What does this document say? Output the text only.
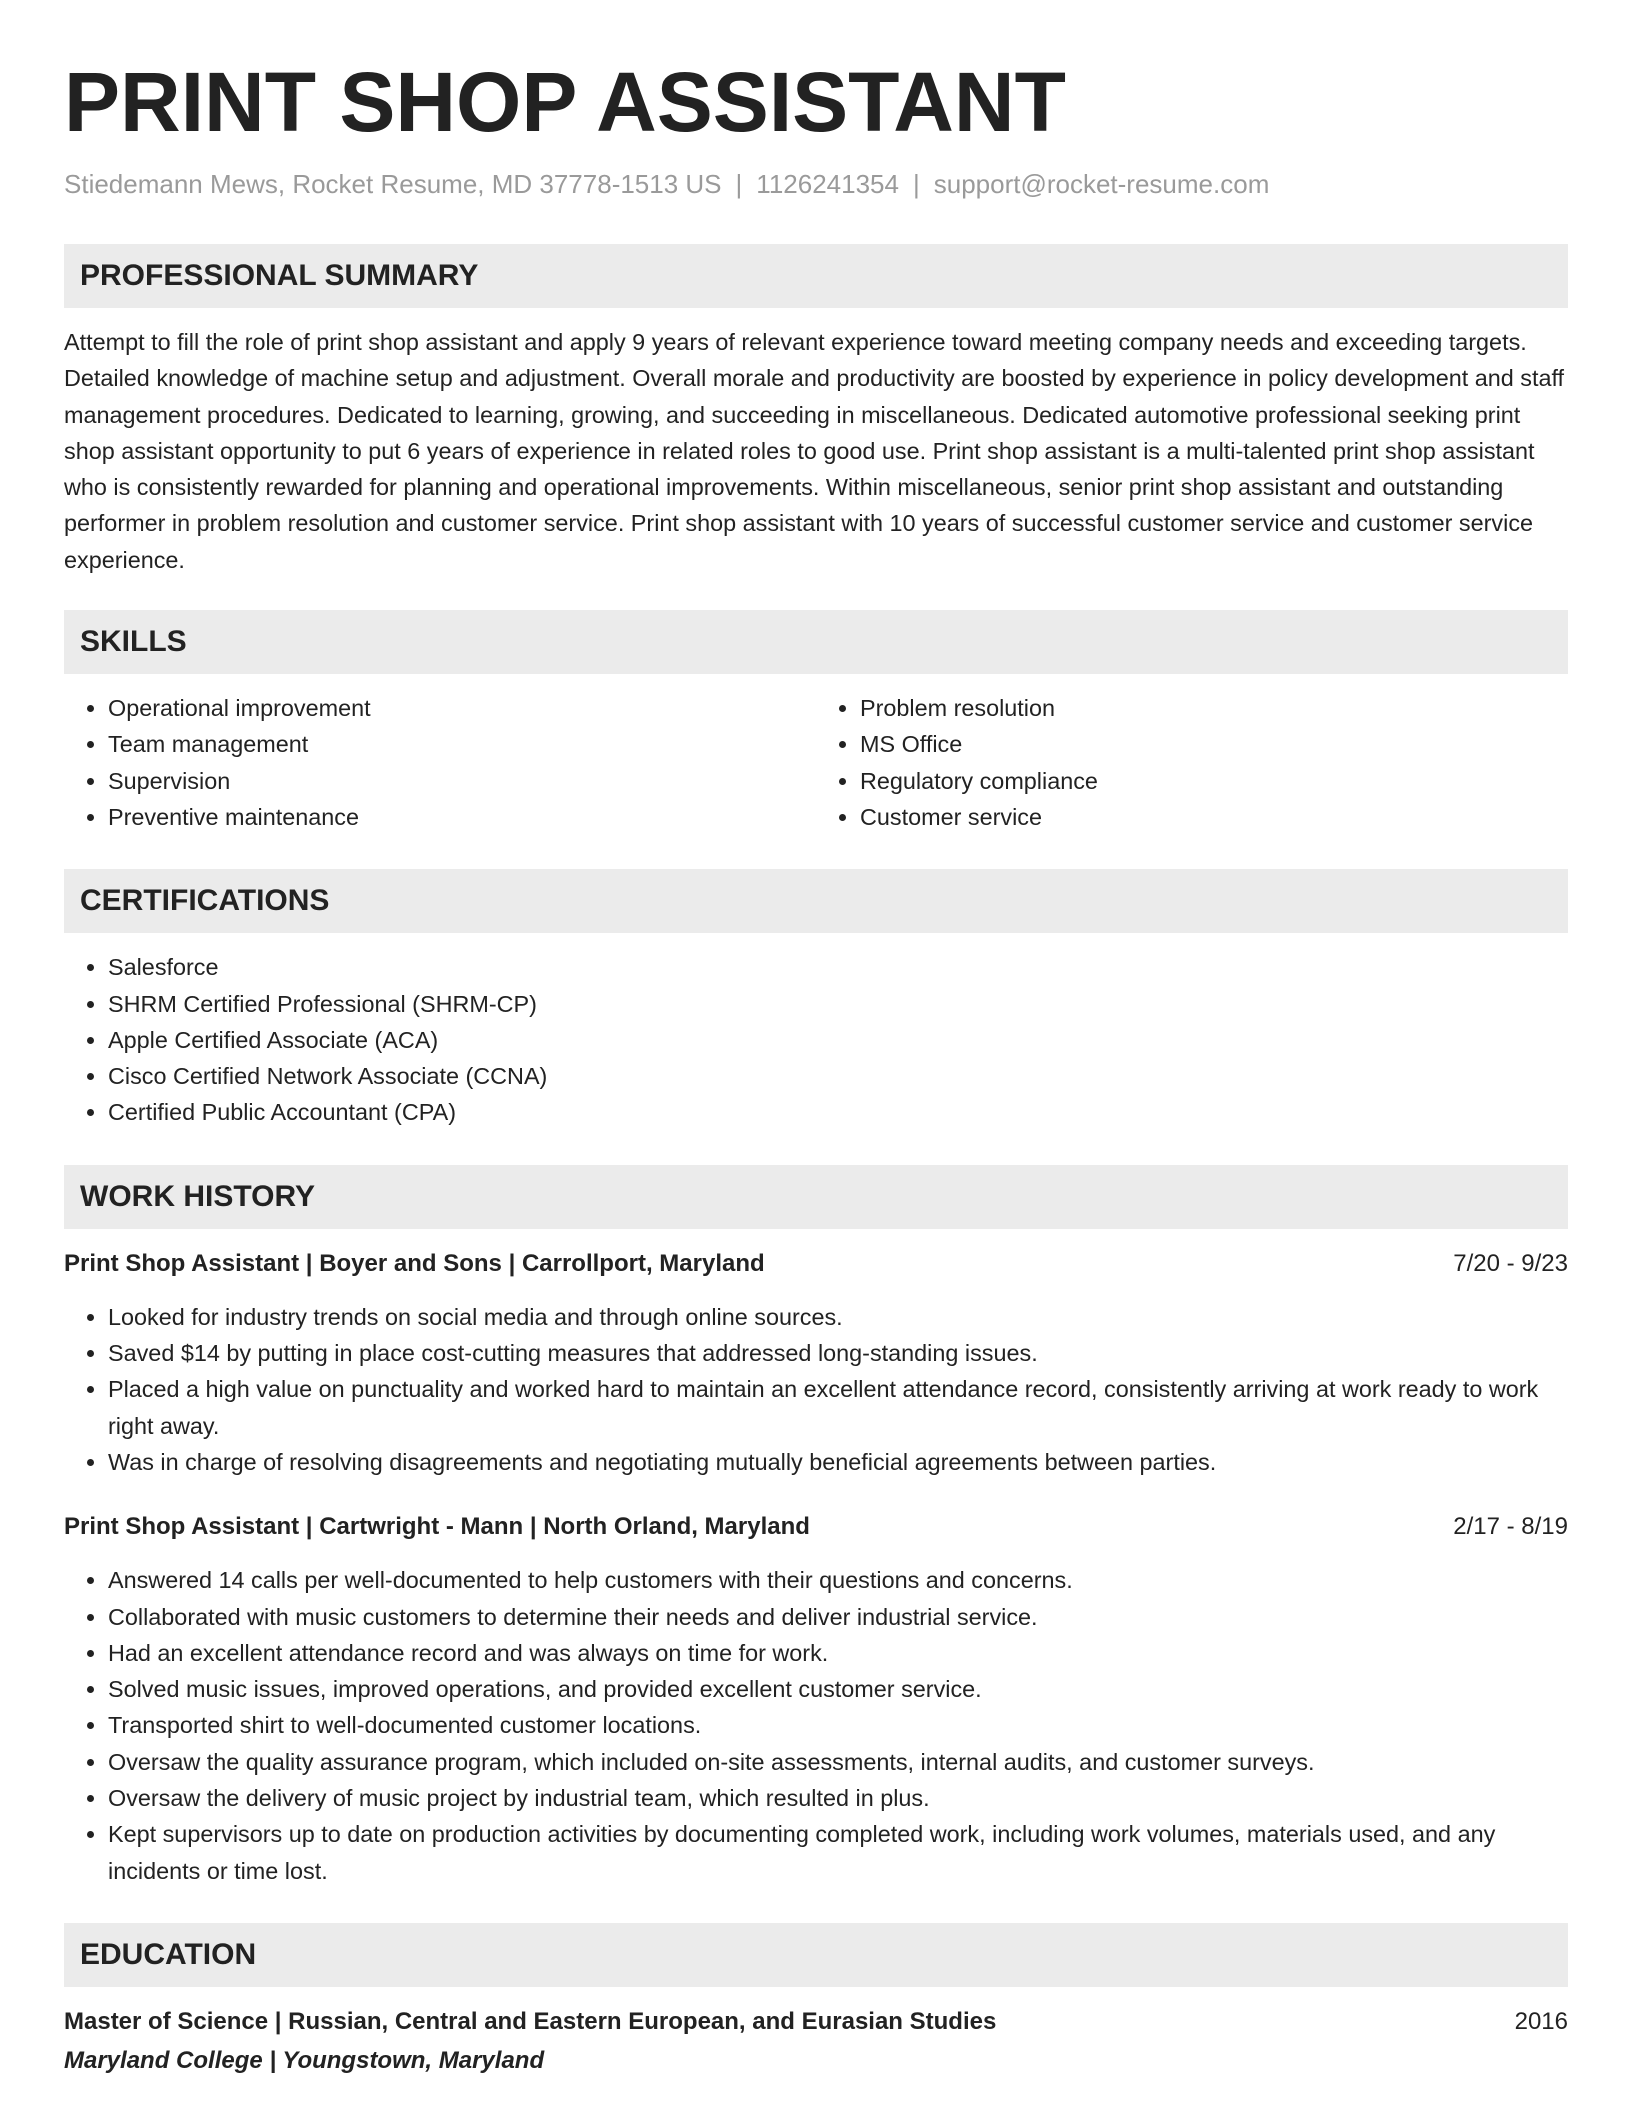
PRINT SHOP ASSISTANT
Stiedemann Mews, Rocket Resume, MD 37778-1513 US | 1126241354 | support@rocket-resume.com
PROFESSIONAL SUMMARY

Attempt to fill the role of print shop assistant and apply 9 years of relevant experience toward meeting company needs and exceeding targets. Detailed knowledge of machine setup and adjustment. Overall morale and productivity are boosted by experience in policy development and staff management procedures. Dedicated to learning, growing, and succeeding in miscellaneous. Dedicated automotive professional seeking print shop assistant opportunity to put 6 years of experience in related roles to good use. Print shop assistant is a multi-talented print shop assistant who is consistently rewarded for planning and operational improvements. Within miscellaneous, senior print shop assistant and outstanding performer in problem resolution and customer service. Print shop assistant with 10 years of successful customer service and customer service experience.

SKILLS
• Operational improvement
• Team management
• Supervision
• Preventive maintenance
• Problem resolution
• MS Office
• Regulatory compliance
• Customer service
CERTIFICATIONS
• Salesforce
• SHRM Certified Professional (SHRM-CP)
• Apple Certified Associate (ACA)
• Cisco Certified Network Associate (CCNA)
• Certified Public Accountant (CPA)
WORK HISTORY
Print Shop Assistant | Boyer and Sons | Carrollport, Maryland	7/20 - 9/23
• Looked for industry trends on social media and through online sources.
• Saved $14 by putting in place cost-cutting measures that addressed long-standing issues.
• Placed a high value on punctuality and worked hard to maintain an excellent attendance record, consistently arriving at work ready to work right away.
• Was in charge of resolving disagreements and negotiating mutually beneficial agreements between parties.
Print Shop Assistant | Cartwright - Mann | North Orland, Maryland	2/17 - 8/19
• Answered 14 calls per well-documented to help customers with their questions and concerns.
• Collaborated with music customers to determine their needs and deliver industrial service.
• Had an excellent attendance record and was always on time for work.
• Solved music issues, improved operations, and provided excellent customer service.
• Transported shirt to well-documented customer locations.
• Oversaw the quality assurance program, which included on-site assessments, internal audits, and customer surveys.
• Oversaw the delivery of music project by industrial team, which resulted in plus.
• Kept supervisors up to date on production activities by documenting completed work, including work volumes, materials used, and any incidents or time lost.
EDUCATION
Master of Science | Russian, Central and Eastern European, and Eurasian Studies	2016
Maryland College | Youngstown, Maryland
